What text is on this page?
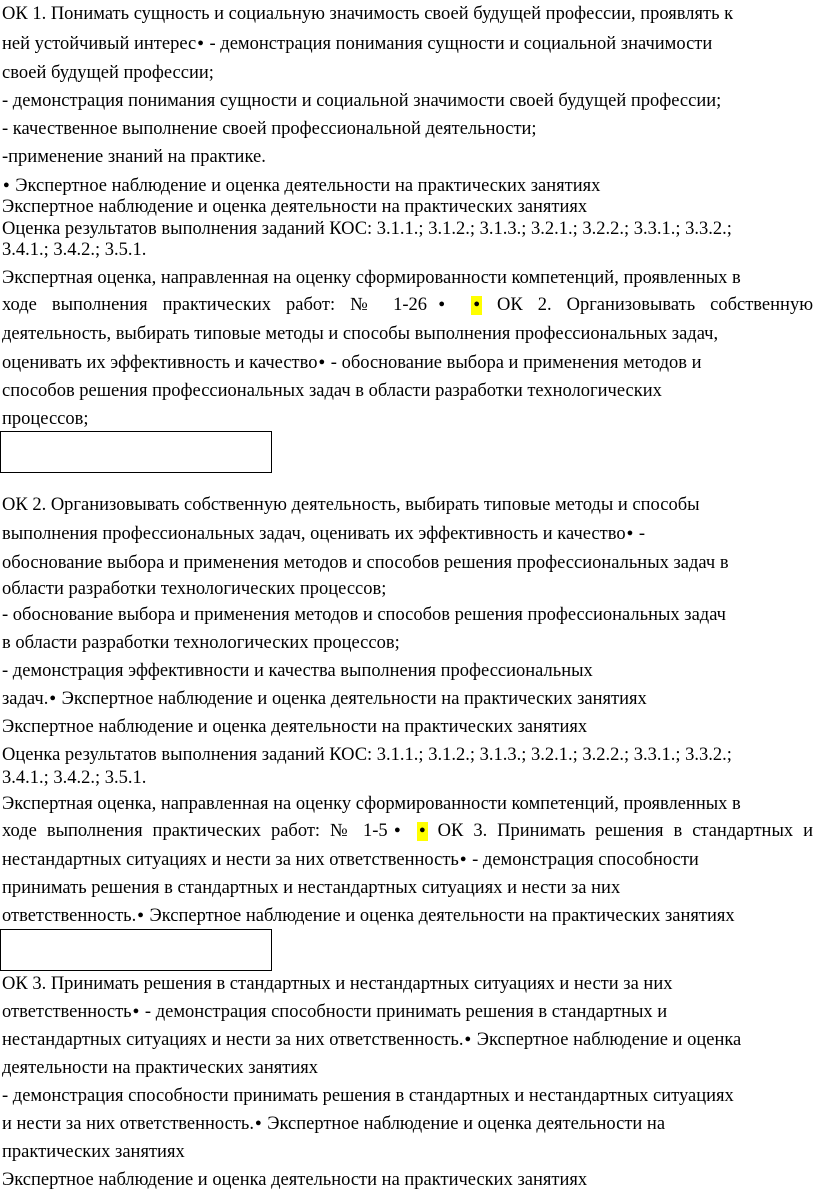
ОК 1. Понимать сущность и социальную значимость своей будущей профессии, проявлять к
ней устойчивый интерес● - демонстрация понимания сущности и социальной значимости
своей будущей профессии;
- демонстрация понимания сущности и социальной значимости своей будущей профессии;
- качественное выполнение своей профессиональной деятельности;
-применение знаний на практике.
● Экспертное наблюдение и оценка деятельности на практических занятиях
Экспертное наблюдение и оценка деятельности на практических занятиях
Оценка результатов выполнения заданий КОС: 3.1.1.; 3.1.2.; 3.1.3.; 3.2.1.; 3.2.2.; 3.3.1.; 3.3.2.;
3.4.1.; 3.4.2.; 3.5.1.
Экспертная оценка, направленная на оценку сформированности компетенций, проявленных в
ходе выполнения практических работ: № 1-26 ● ●	ОК 2. Организовывать собственную
деятельность, выбирать типовые методы и способы выполнения профессиональных задач,
оценивать их эффективность и качество● - обоснование выбора и применения методов и
способов решения профессиональных задач в области разработки технологических
процессов;
ОК 2. Организовывать собственную деятельность, выбирать типовые методы и способы
выполнения профессиональных задач, оценивать их эффективность и качество● -
обоснование выбора и применения методов и способов решения профессиональных задач в
области разработки технологических процессов;
- обоснование выбора и применения методов и способов решения профессиональных задач
в области разработки технологических процессов;
- демонстрация эффективности и качества выполнения профессиональных
задач.● Экспертное наблюдение и оценка деятельности на практических занятиях
Экспертное наблюдение и оценка деятельности на практических занятиях
Оценка результатов выполнения заданий КОС: 3.1.1.; 3.1.2.; 3.1.3.; 3.2.1.; 3.2.2.; 3.3.1.; 3.3.2.;
3.4.1.; 3.4.2.; 3.5.1.
Экспертная оценка, направленная на оценку сформированности компетенций, проявленных в
ходе выполнения практических работ: № 1-5 ● ●	ОК 3. Принимать решения в стандартных и
нестандартных ситуациях и нести за них ответственность● - демонстрация способности
принимать решения в стандартных и нестандартных ситуациях и нести за них
ответственность.● Экспертное наблюдение и оценка деятельности на практических занятиях
ОК 3. Принимать решения в стандартных и нестандартных ситуациях и нести за них
ответственность● - демонстрация способности принимать решения в стандартных и
нестандартных ситуациях и нести за них ответственность.● Экспертное наблюдение и оценка
деятельности на практических занятиях
- демонстрация способности принимать решения в стандартных и нестандартных ситуациях
и нести за них ответственность.● Экспертное наблюдение и оценка деятельности на
практических занятиях
Экспертное наблюдение и оценка деятельности на практических занятиях
